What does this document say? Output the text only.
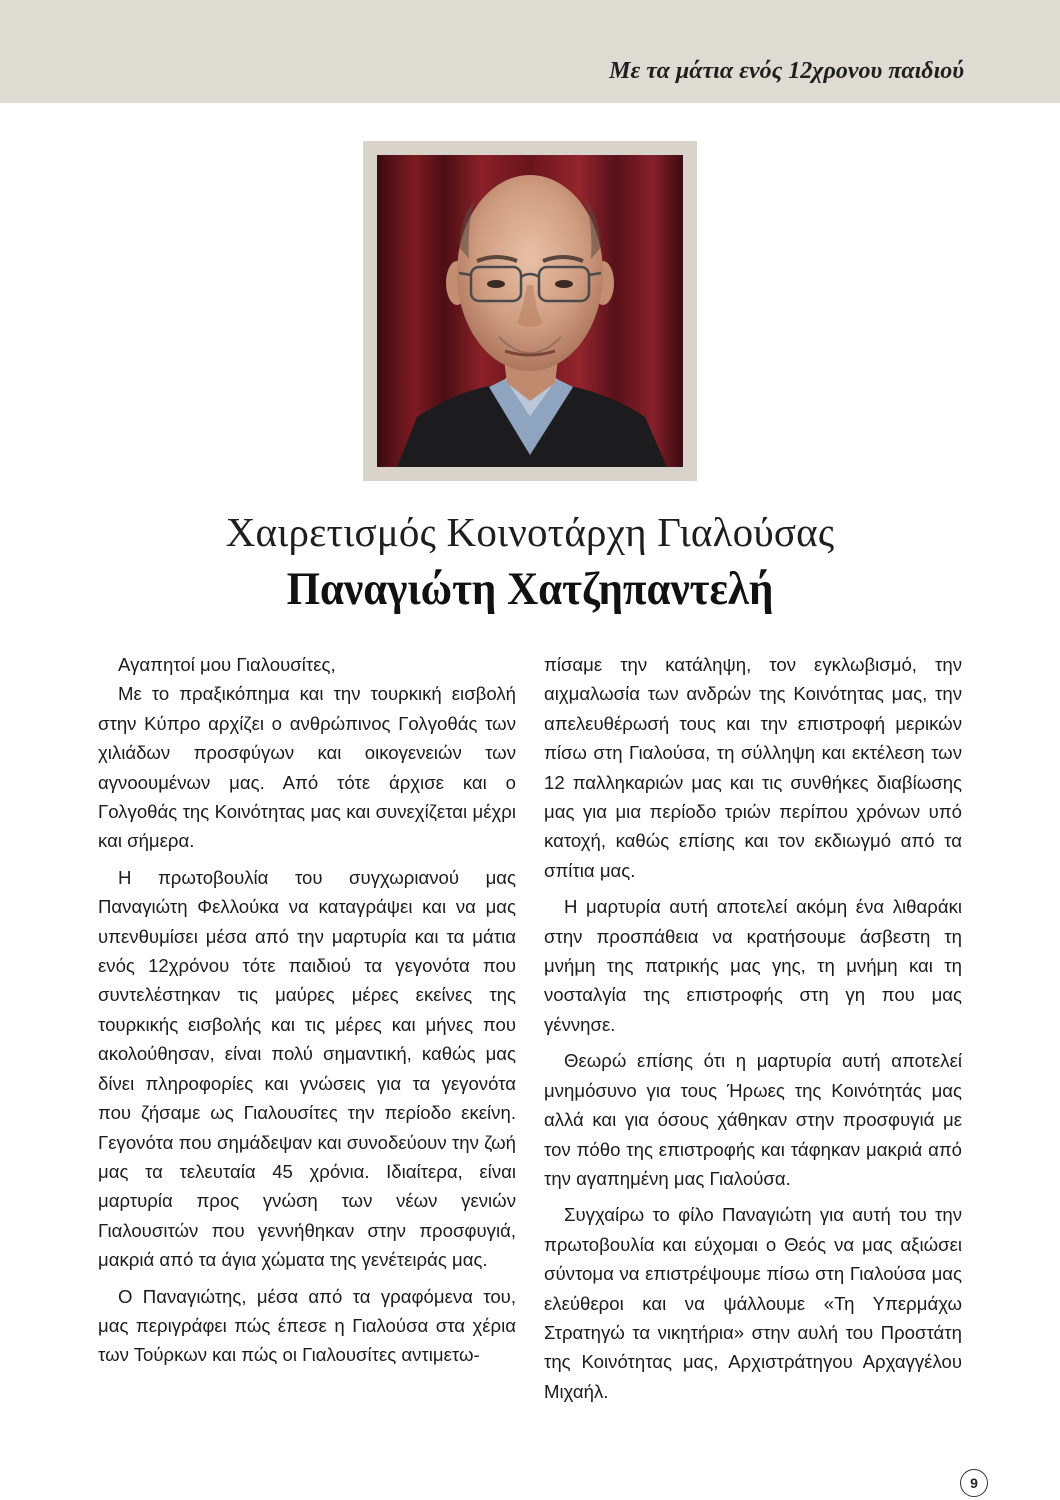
Με τα μάτια ενός 12χρονου παιδιού
Χαιρετισμός Κοινοτάρχη Γιαλούσας
Παναγιώτη Χατζηπαντελή

Αγαπητοί μου Γιαλουσίτες,

Με το πραξικόπημα και την τουρκική εισβολή στην Κύπρο αρχίζει ο ανθρώπινος Γολγοθάς των χιλιάδων προσφύγων και οικογενειών των αγνοουμένων μας. Από τότε άρχισε και ο Γολγοθάς της Κοινότητας μας και συνεχίζεται μέχρι και σήμερα.

Η πρωτοβουλία του συγχωριανού μας Παναγιώτη Φελλούκα να καταγράψει και να μας υπενθυμίσει μέσα από την μαρτυρία και τα μάτια ενός 12χρόνου τότε παιδιού τα γεγονότα που συντελέστηκαν τις μαύρες μέρες εκείνες της τουρκικής εισβολής και τις μέρες και μήνες που ακολούθησαν, είναι πολύ σημαντική, καθώς μας δίνει πληροφορίες και γνώσεις για τα γεγονότα που ζήσαμε ως Γιαλουσίτες την περίοδο εκείνη. Γεγονότα που σημάδεψαν και συνοδεύουν την ζωή μας τα τελευταία 45 χρόνια. Ιδιαίτερα, είναι μαρτυρία προς γνώση των νέων γενιών Γιαλουσιτών που γεννήθηκαν στην προσφυγιά, μακριά από τα άγια χώματα της γενέτειράς μας.

Ο Παναγιώτης, μέσα από τα γραφόμενα του, μας περιγράφει πώς έπεσε η Γιαλούσα στα χέρια των Τούρκων και πώς οι Γιαλουσίτες αντιμετω-

πίσαμε την κατάληψη, τον εγκλωβισμό, την αιχμαλωσία των ανδρών της Κοινότητας μας, την απελευθέρωσή τους και την επιστροφή μερικών πίσω στη Γιαλούσα, τη σύλληψη και εκτέλεση των 12 παλληκαριών μας και τις συνθήκες διαβίωσης μας για μια περίοδο τριών περίπου χρόνων υπό κατοχή, καθώς επίσης και τον εκδιωγμό από τα σπίτια μας.

Η μαρτυρία αυτή αποτελεί ακόμη ένα λιθαράκι στην προσπάθεια να κρατήσουμε άσβεστη τη μνήμη της πατρικής μας γης, τη μνήμη και τη νοσταλγία της επιστροφής στη γη που μας γέννησε.

Θεωρώ επίσης ότι η μαρτυρία αυτή αποτελεί μνημόσυνο για τους Ήρωες της Κοινότητάς μας αλλά και για όσους χάθηκαν στην προσφυγιά με τον πόθο της επιστροφής και τάφηκαν μακριά από την αγαπημένη μας Γιαλούσα.

Συγχαίρω το φίλο Παναγιώτη για αυτή του την πρωτοβουλία και εύχομαι ο Θεός να μας αξιώσει σύντομα να επιστρέψουμε πίσω στη Γιαλούσα μας ελεύθεροι και να ψάλλουμε «Τη Υπερμάχω Στρατηγώ τα νικητήρια» στην αυλή του Προστάτη της Κοινότητας μας, Αρχιστράτηγου Αρχαγγέλου Μιχαήλ.

9
